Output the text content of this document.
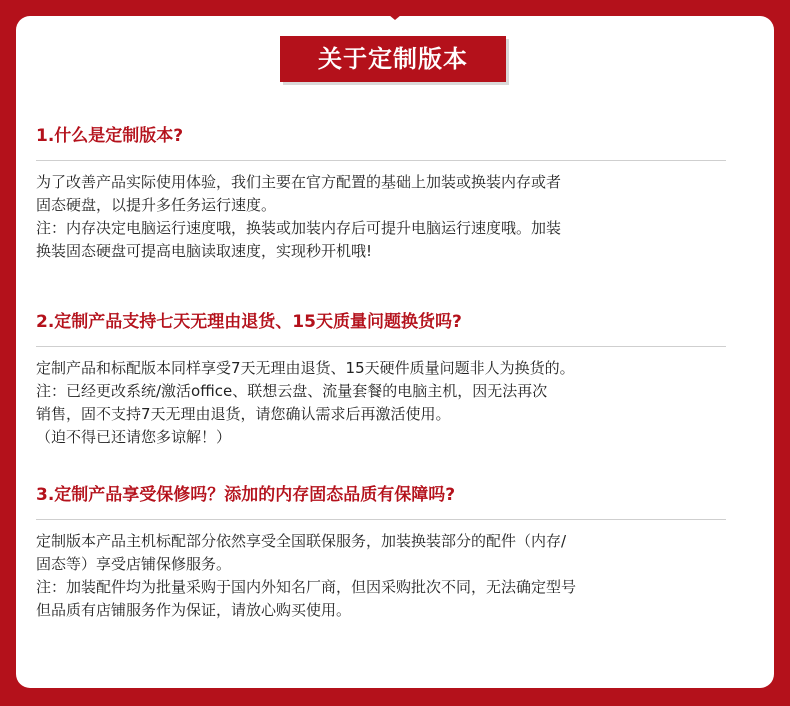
关于定制版本

1.什么是定制版本?

为了改善产品实际使用体验，我们主要在官方配置的基础上加装或换装内存或者

固态硬盘，以提升多任务运行速度。

注：内存决定电脑运行速度哦，换装或加装内存后可提升电脑运行速度哦。加装

换装固态硬盘可提高电脑读取速度，实现秒开机哦!

2.定制产品支持七天无理由退货、15天质量问题换货吗?

定制产品和标配版本同样享受7天无理由退货、15天硬件质量问题非人为换货的。

注：已经更改系统/激活office、联想云盘、流量套餐的电脑主机，因无法再次

销售，固不支持7天无理由退货，请您确认需求后再激活使用。

（迫不得已还请您多谅解！）

3.定制产品享受保修吗？添加的内存固态品质有保障吗?

定制版本产品主机标配部分依然享受全国联保服务，加装换装部分的配件（内存/

固态等）享受店铺保修服务。

注：加装配件均为批量采购于国内外知名厂商，但因采购批次不同，无法确定型号

但品质有店铺服务作为保证，请放心购买使用。
